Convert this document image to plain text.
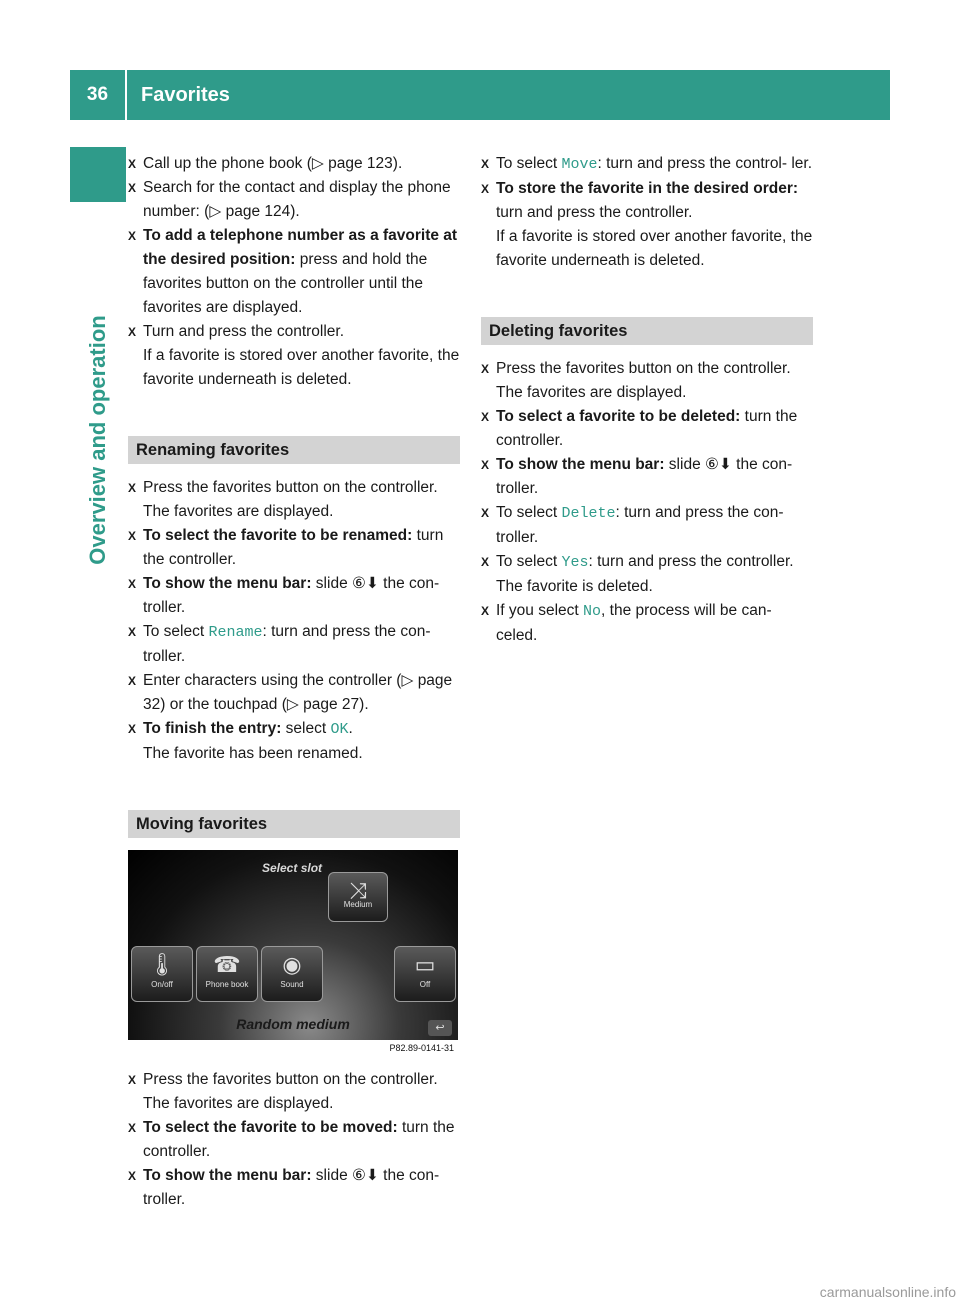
36	Favorites
Overview and operation
X Call up the phone book (▷ page 123).
X Search for the contact and display the phone number: (▷ page 124).
X To add a telephone number as a favorite at the desired position: press and hold the favorites button on the controller until the favorites are displayed.
X Turn and press the controller.
If a favorite is stored over another favorite, the favorite underneath is deleted.
Renaming favorites
X Press the favorites button on the controller.
The favorites are displayed.
X To select the favorite to be renamed: turn the controller.
X To show the menu bar: slide ⑥⬇ the con- troller.
X To select Rename: turn and press the con- troller.
X Enter characters using the controller (▷ page 32) or the touchpad (▷ page 27).
X To finish the entry: select OK.
The favorite has been renamed.
Moving favorites
Select slot
⤨
Medium
🌡
On/off
☎
Phone book
◉
Sound
▭
Off
Random medium	↩
P82.89-0141-31
X Press the favorites button on the controller.
The favorites are displayed.
X To select the favorite to be moved: turn the controller.
X To show the menu bar: slide ⑥⬇ the con- troller.
X To select Move: turn and press the control- ler.
X To store the favorite in the desired order: turn and press the controller.
If a favorite is stored over another favorite, the favorite underneath is deleted.
Deleting favorites
X Press the favorites button on the controller.
The favorites are displayed.
X To select a favorite to be deleted: turn the controller.
X To show the menu bar: slide ⑥⬇ the con- troller.
X To select Delete: turn and press the con- troller.
X To select Yes: turn and press the controller.
The favorite is deleted.
X If you select No, the process will be can- celed.
carmanualsonline.info
